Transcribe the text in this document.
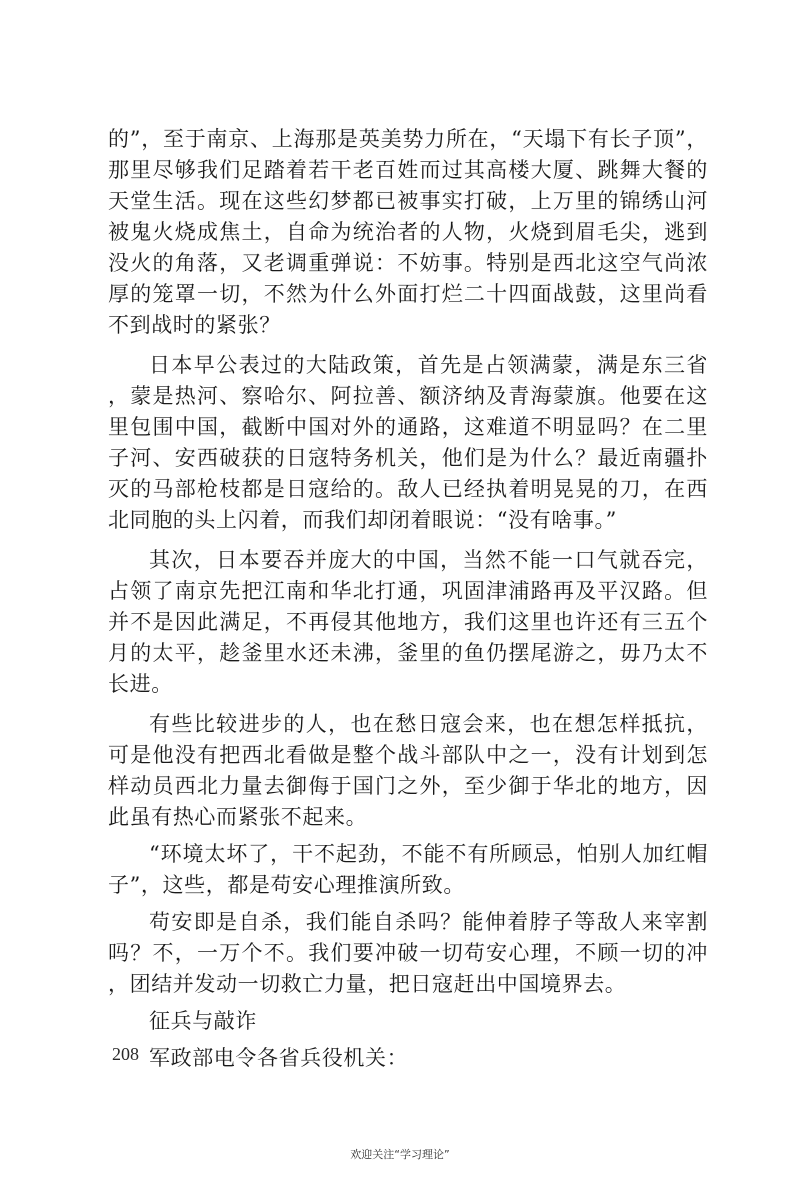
的”，至于南京、上海那是英美势力所在，“天塌下有长子顶”，那里尽够我们足踏着若干老百姓而过其高楼大厦、跳舞大餐的天堂生活。现在这些幻梦都已被事实打破，上万里的锦绣山河被鬼火烧成焦土，自命为统治者的人物，火烧到眉毛尖，逃到没火的角落，又老调重弹说：不妨事。特别是西北这空气尚浓厚的笼罩一切，不然为什么外面打烂二十四面战鼓，这里尚看不到战时的紧张？

日本早公表过的大陆政策，首先是占领满蒙，满是东三省，蒙是热河、察哈尔、阿拉善、额济纳及青海蒙旗。他要在这里包围中国，截断中国对外的通路，这难道不明显吗？在二里子河、安西破获的日寇特务机关，他们是为什么？最近南疆扑灭的马部枪枝都是日寇给的。敌人已经执着明晃晃的刀，在西北同胞的头上闪着，而我们却闭着眼说：“没有啥事。”

其次，日本要吞并庞大的中国，当然不能一口气就吞完，占领了南京先把江南和华北打通，巩固津浦路再及平汉路。但并不是因此满足，不再侵其他地方，我们这里也许还有三五个月的太平，趁釜里水还未沸，釜里的鱼仍摆尾游之，毋乃太不长进。

有些比较进步的人，也在愁日寇会来，也在想怎样抵抗，可是他没有把西北看做是整个战斗部队中之一，没有计划到怎样动员西北力量去御侮于国门之外，至少御于华北的地方，因此虽有热心而紧张不起来。

“环境太坏了，干不起劲，不能不有所顾忌，怕别人加红帽子”，这些，都是苟安心理推演所致。

苟安即是自杀，我们能自杀吗？能伸着脖子等敌人来宰割吗？不，一万个不。我们要冲破一切苟安心理，不顾一切的冲，团结并发动一切救亡力量，把日寇赶出中国境界去。

征兵与敲诈

军政部电令各省兵役机关：

208
欢迎关注“学习理论”
